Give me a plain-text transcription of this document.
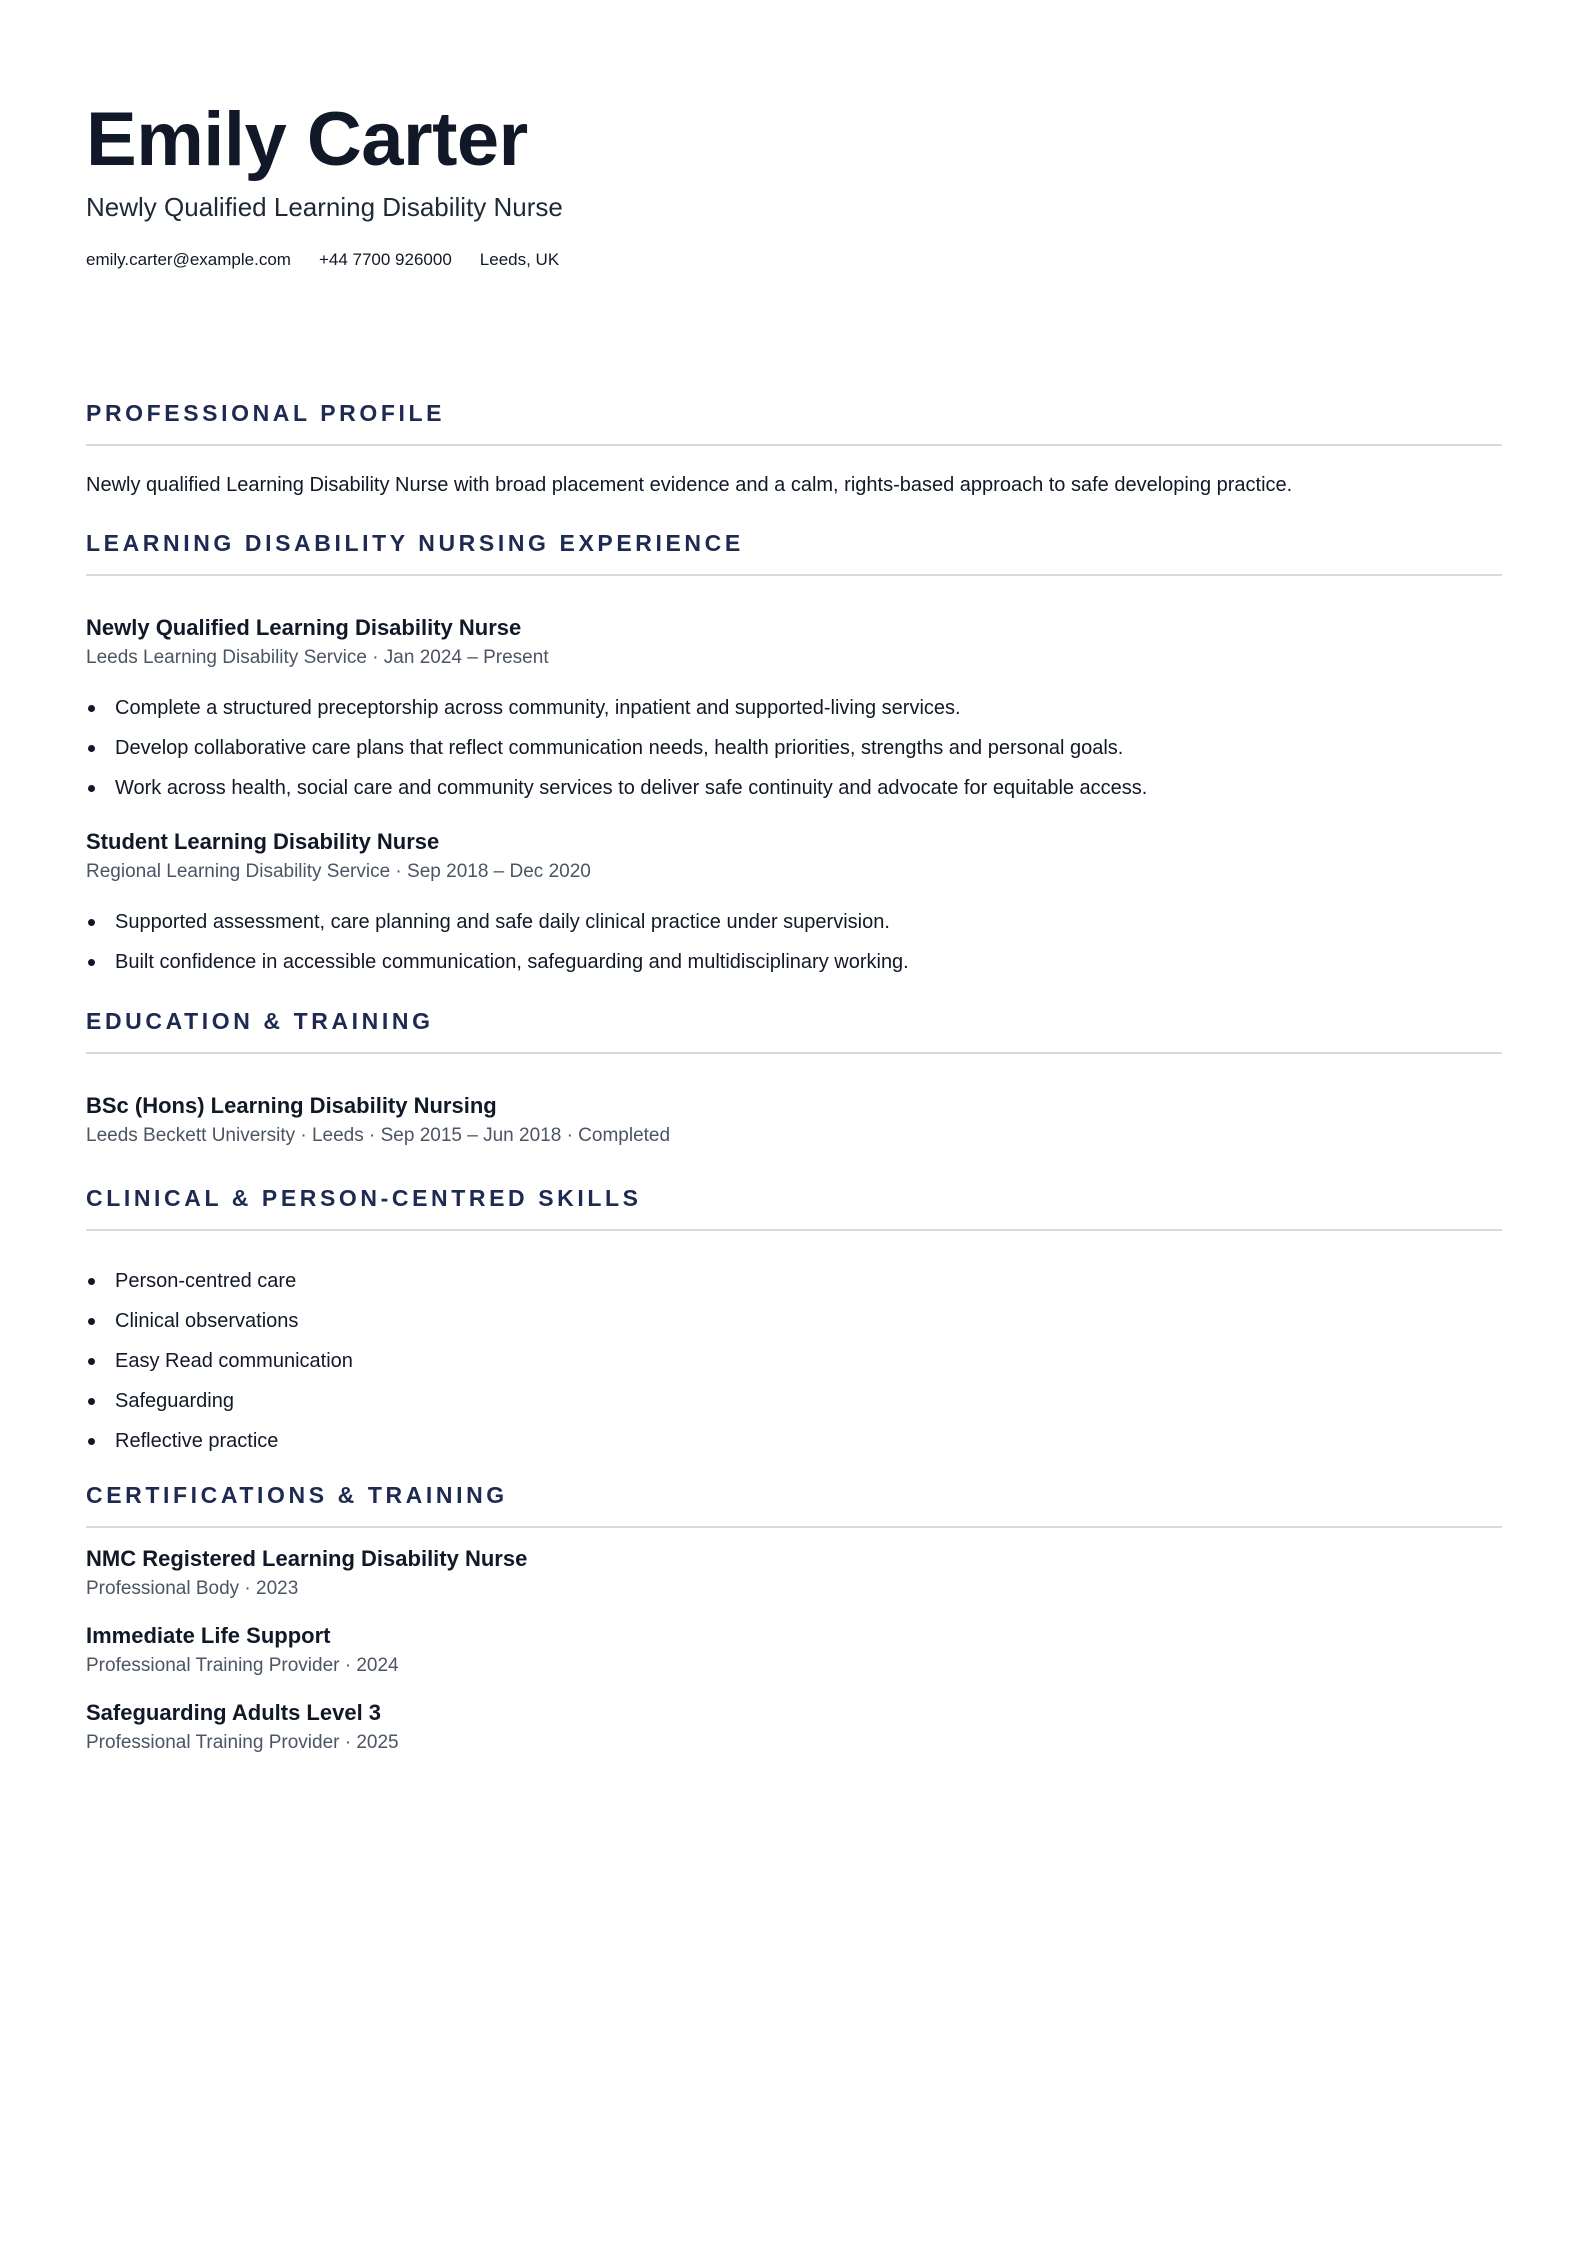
Emily Carter
Newly Qualified Learning Disability Nurse
emily.carter@example.com +44 7700 926000 Leeds, UK
PROFESSIONAL PROFILE
Newly qualified Learning Disability Nurse with broad placement evidence and a calm, rights-based approach to safe developing practice.
LEARNING DISABILITY NURSING EXPERIENCE
Newly Qualified Learning Disability Nurse
Leeds Learning Disability Service · Jan 2024 – Present
Complete a structured preceptorship across community, inpatient and supported-living services.
Develop collaborative care plans that reflect communication needs, health priorities, strengths and personal goals.
Work across health, social care and community services to deliver safe continuity and advocate for equitable access.
Student Learning Disability Nurse
Regional Learning Disability Service · Sep 2018 – Dec 2020
Supported assessment, care planning and safe daily clinical practice under supervision.
Built confidence in accessible communication, safeguarding and multidisciplinary working.
EDUCATION & TRAINING
BSc (Hons) Learning Disability Nursing
Leeds Beckett University · Leeds · Sep 2015 – Jun 2018 · Completed
CLINICAL & PERSON-CENTRED SKILLS
Person-centred care
Clinical observations
Easy Read communication
Safeguarding
Reflective practice
CERTIFICATIONS & TRAINING
NMC Registered Learning Disability Nurse
Professional Body · 2023
Immediate Life Support
Professional Training Provider · 2024
Safeguarding Adults Level 3
Professional Training Provider · 2025
